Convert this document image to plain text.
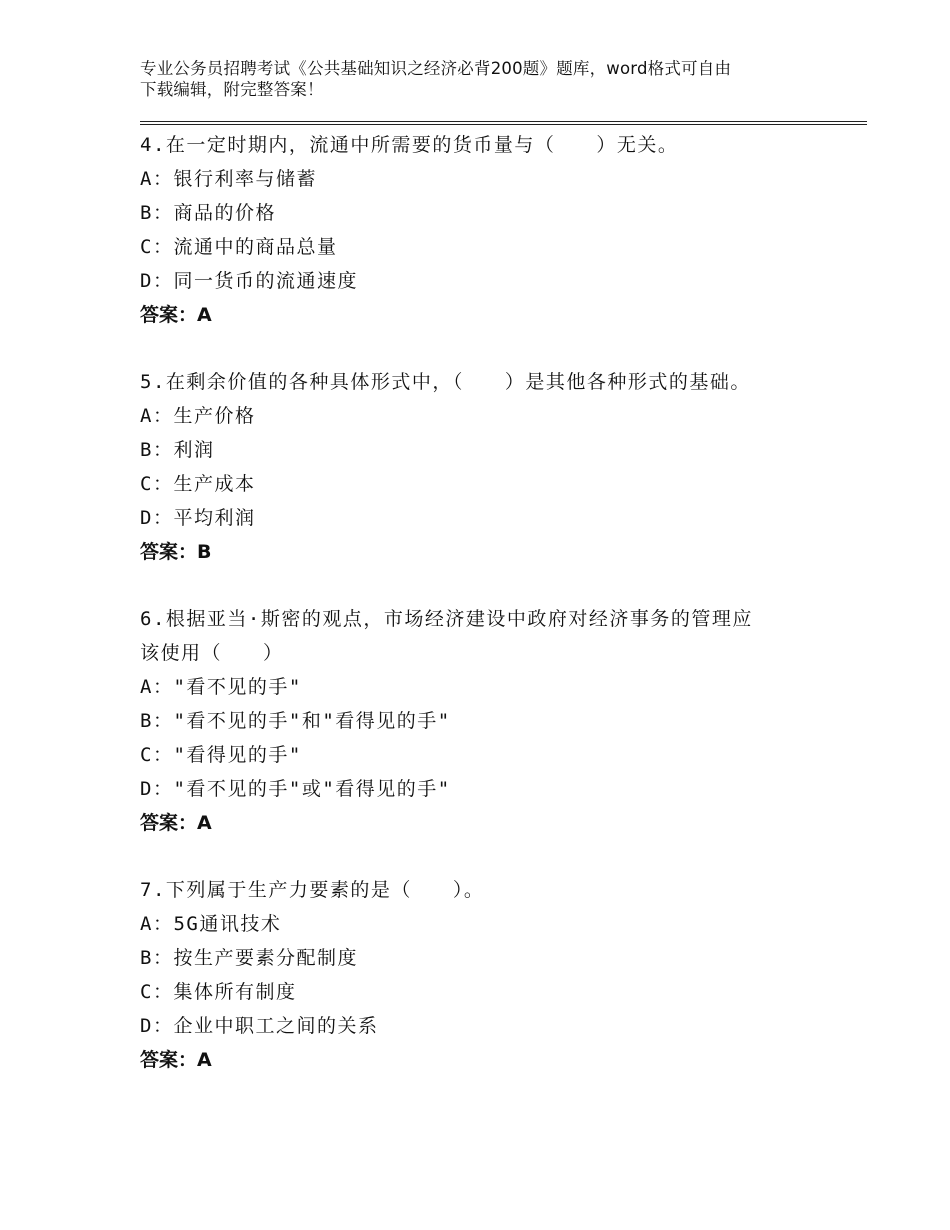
专业公务员招聘考试《公共基础知识之经济必背200题》题库，word格式可自由
下载编辑，附完整答案！
4.在一定时期内，流通中所需要的货币量与（　　）无关。
A：银行利率与储蓄
B：商品的价格
C：流通中的商品总量
D：同一货币的流通速度
答案：A
5.在剩余价值的各种具体形式中，（　　）是其他各种形式的基础。
A：生产价格
B：利润
C：生产成本
D：平均利润
答案：B
6.根据亚当·斯密的观点，市场经济建设中政府对经济事务的管理应
该使用（　　）
A："看不见的手"
B："看不见的手"和"看得见的手"
C："看得见的手"
D："看不见的手"或"看得见的手"
答案：A
7.下列属于生产力要素的是（　　）。
A：5G通讯技术
B：按生产要素分配制度
C：集体所有制度
D：企业中职工之间的关系
答案：A
